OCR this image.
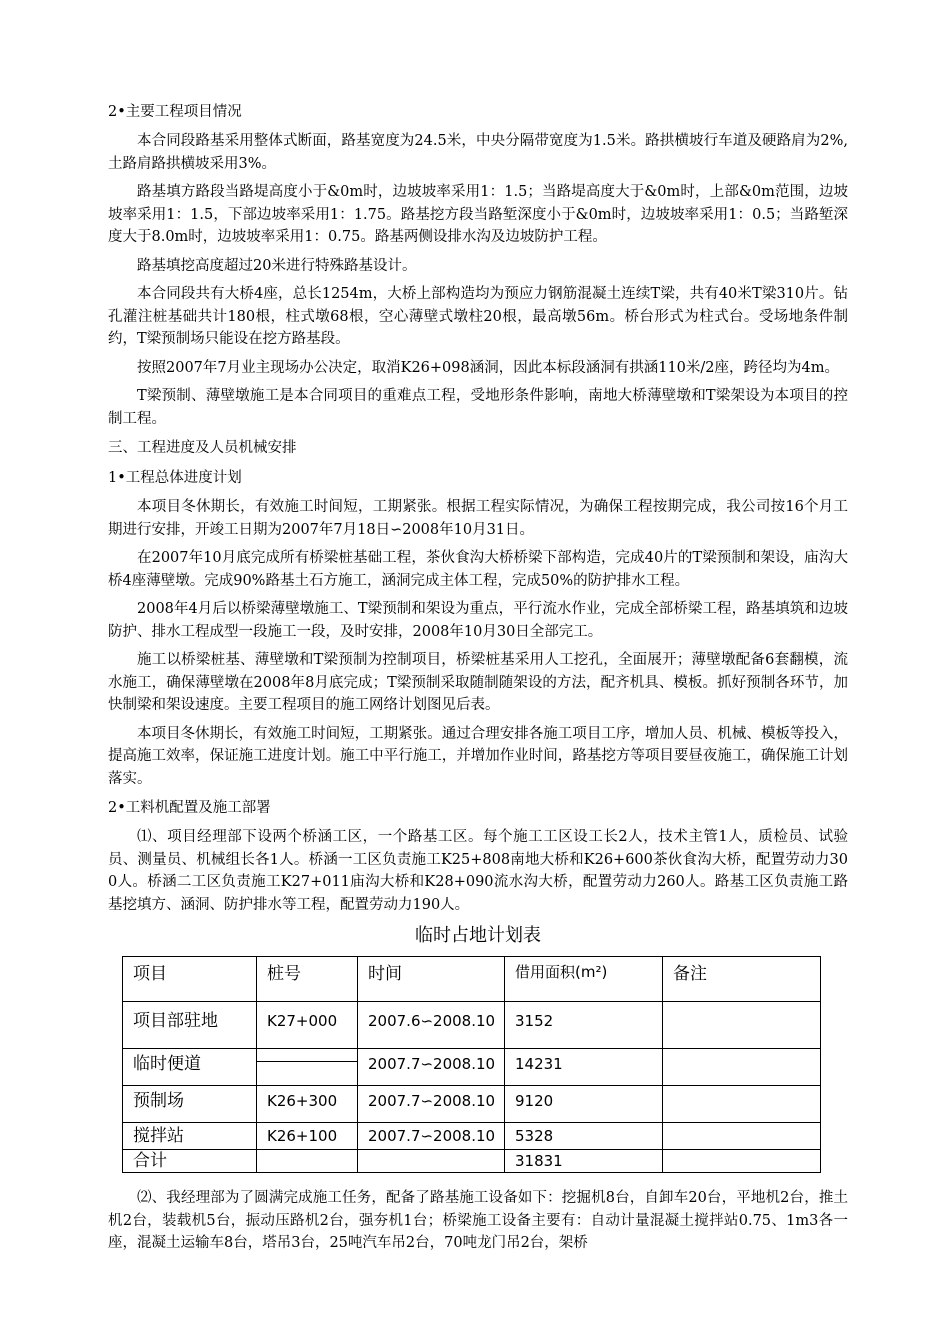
2•主要工程项目情况

本合同段路基采用整体式断面，路基宽度为24.5米，中央分隔带宽度为1.5米。路拱横坡行车道及硬路肩为2%, 土路肩路拱横坡采用3%。

路基填方路段当路堤高度小于&0m时，边坡坡率采用1：1.5；当路堤高度大于&0m时，上部&0m范围，边坡坡率采用1：1.5，下部边坡率采用1：1.75。路基挖方段当路堑深度小于&0m时，边坡坡率采用1：0.5；当路堑深度大于8.0m时，边坡坡率采用1：0.75。路基两侧设排水沟及边坡防护工程。

路基填挖高度超过20米进行特殊路基设计。

本合同段共有大桥4座，总长1254m，大桥上部构造均为预应力钢筋混凝土连续T梁，共有40米T梁310片。钻孔灌注桩基础共计180根，柱式墩68根，空心薄壁式墩柱20根，最高墩56m。桥台形式为柱式台。受场地条件制约，T梁预制场只能设在挖方路基段。

按照2007年7月业主现场办公决定，取消K26+098涵洞，因此本标段涵洞有拱涵110米/2座，跨径均为4m。

T梁预制、薄壁墩施工是本合同项目的重难点工程，受地形条件影响，南地大桥薄壁墩和T梁架设为本项目的控制工程。

三、工程进度及人员机械安排
1•工程总体进度计划

本项目冬休期长，有效施工时间短，工期紧张。根据工程实际情况，为确保工程按期完成，我公司按16个月工期进行安排，开竣工日期为2007年7月18日∽2008年10月31日。

在2007年10月底完成所有桥梁桩基础工程，茶伙食沟大桥桥梁下部构造，完成40片的T梁预制和架设，庙沟大桥4座薄壁墩。完成90%路基土石方施工，涵洞完成主体工程，完成50%的防护排水工程。

2008年4月后以桥梁薄壁墩施工、T梁预制和架设为重点，平行流水作业，完成全部桥梁工程，路基填筑和边坡防护、排水工程成型一段施工一段，及时安排，2008年10月30日全部完工。

施工以桥梁桩基、薄壁墩和T梁预制为控制项目，桥梁桩基采用人工挖孔，全面展开；薄壁墩配备6套翻模，流水施工，确保薄壁墩在2008年8月底完成；T梁预制采取随制随架设的方法，配齐机具、模板。抓好预制各环节，加快制梁和架设速度。主要工程项目的施工网络计划图见后表。

本项目冬休期长，有效施工时间短，工期紧张。通过合理安排各施工项目工序，增加人员、机械、模板等投入，提高施工效率，保证施工进度计划。施工中平行施工，并增加作业时间，路基挖方等项目要昼夜施工，确保施工计划落实。

2•工料机配置及施工部署

⑴、项目经理部下设两个桥涵工区，一个路基工区。每个施工工区设工长2人，技术主管1人，质检员、试验员、测量员、机械组长各1人。桥涵一工区负责施工K25+808南地大桥和K26+600茶伙食沟大桥，配置劳动力300人。桥涵二工区负责施工K27+011庙沟大桥和K28+090流水沟大桥，配置劳动力260人。路基工区负责施工路基挖填方、涵洞、防护排水等工程，配置劳动力190人。

临时占地计划表
项目	桩号	时间	借用面积(m²)	备注
项目部驻地	K27+000	2007.6∽2008.10	3152	
临时便道		2007.7∽2008.10	14231	
预制场	K26+300	2007.7∽2008.10	9120	
搅拌站	K26+100	2007.7∽2008.10	5328	
合计			31831	

⑵、我经理部为了圆满完成施工任务，配备了路基施工设备如下：挖掘机8台，自卸车20台，平地机2台，推土机2台，装载机5台，振动压路机2台，强夯机1台；桥梁施工设备主要有：自动计量混凝土搅拌站0.75、1m3各一座，混凝土运输车8台，塔吊3台，25吨汽车吊2台，70吨龙门吊2台，架桥
